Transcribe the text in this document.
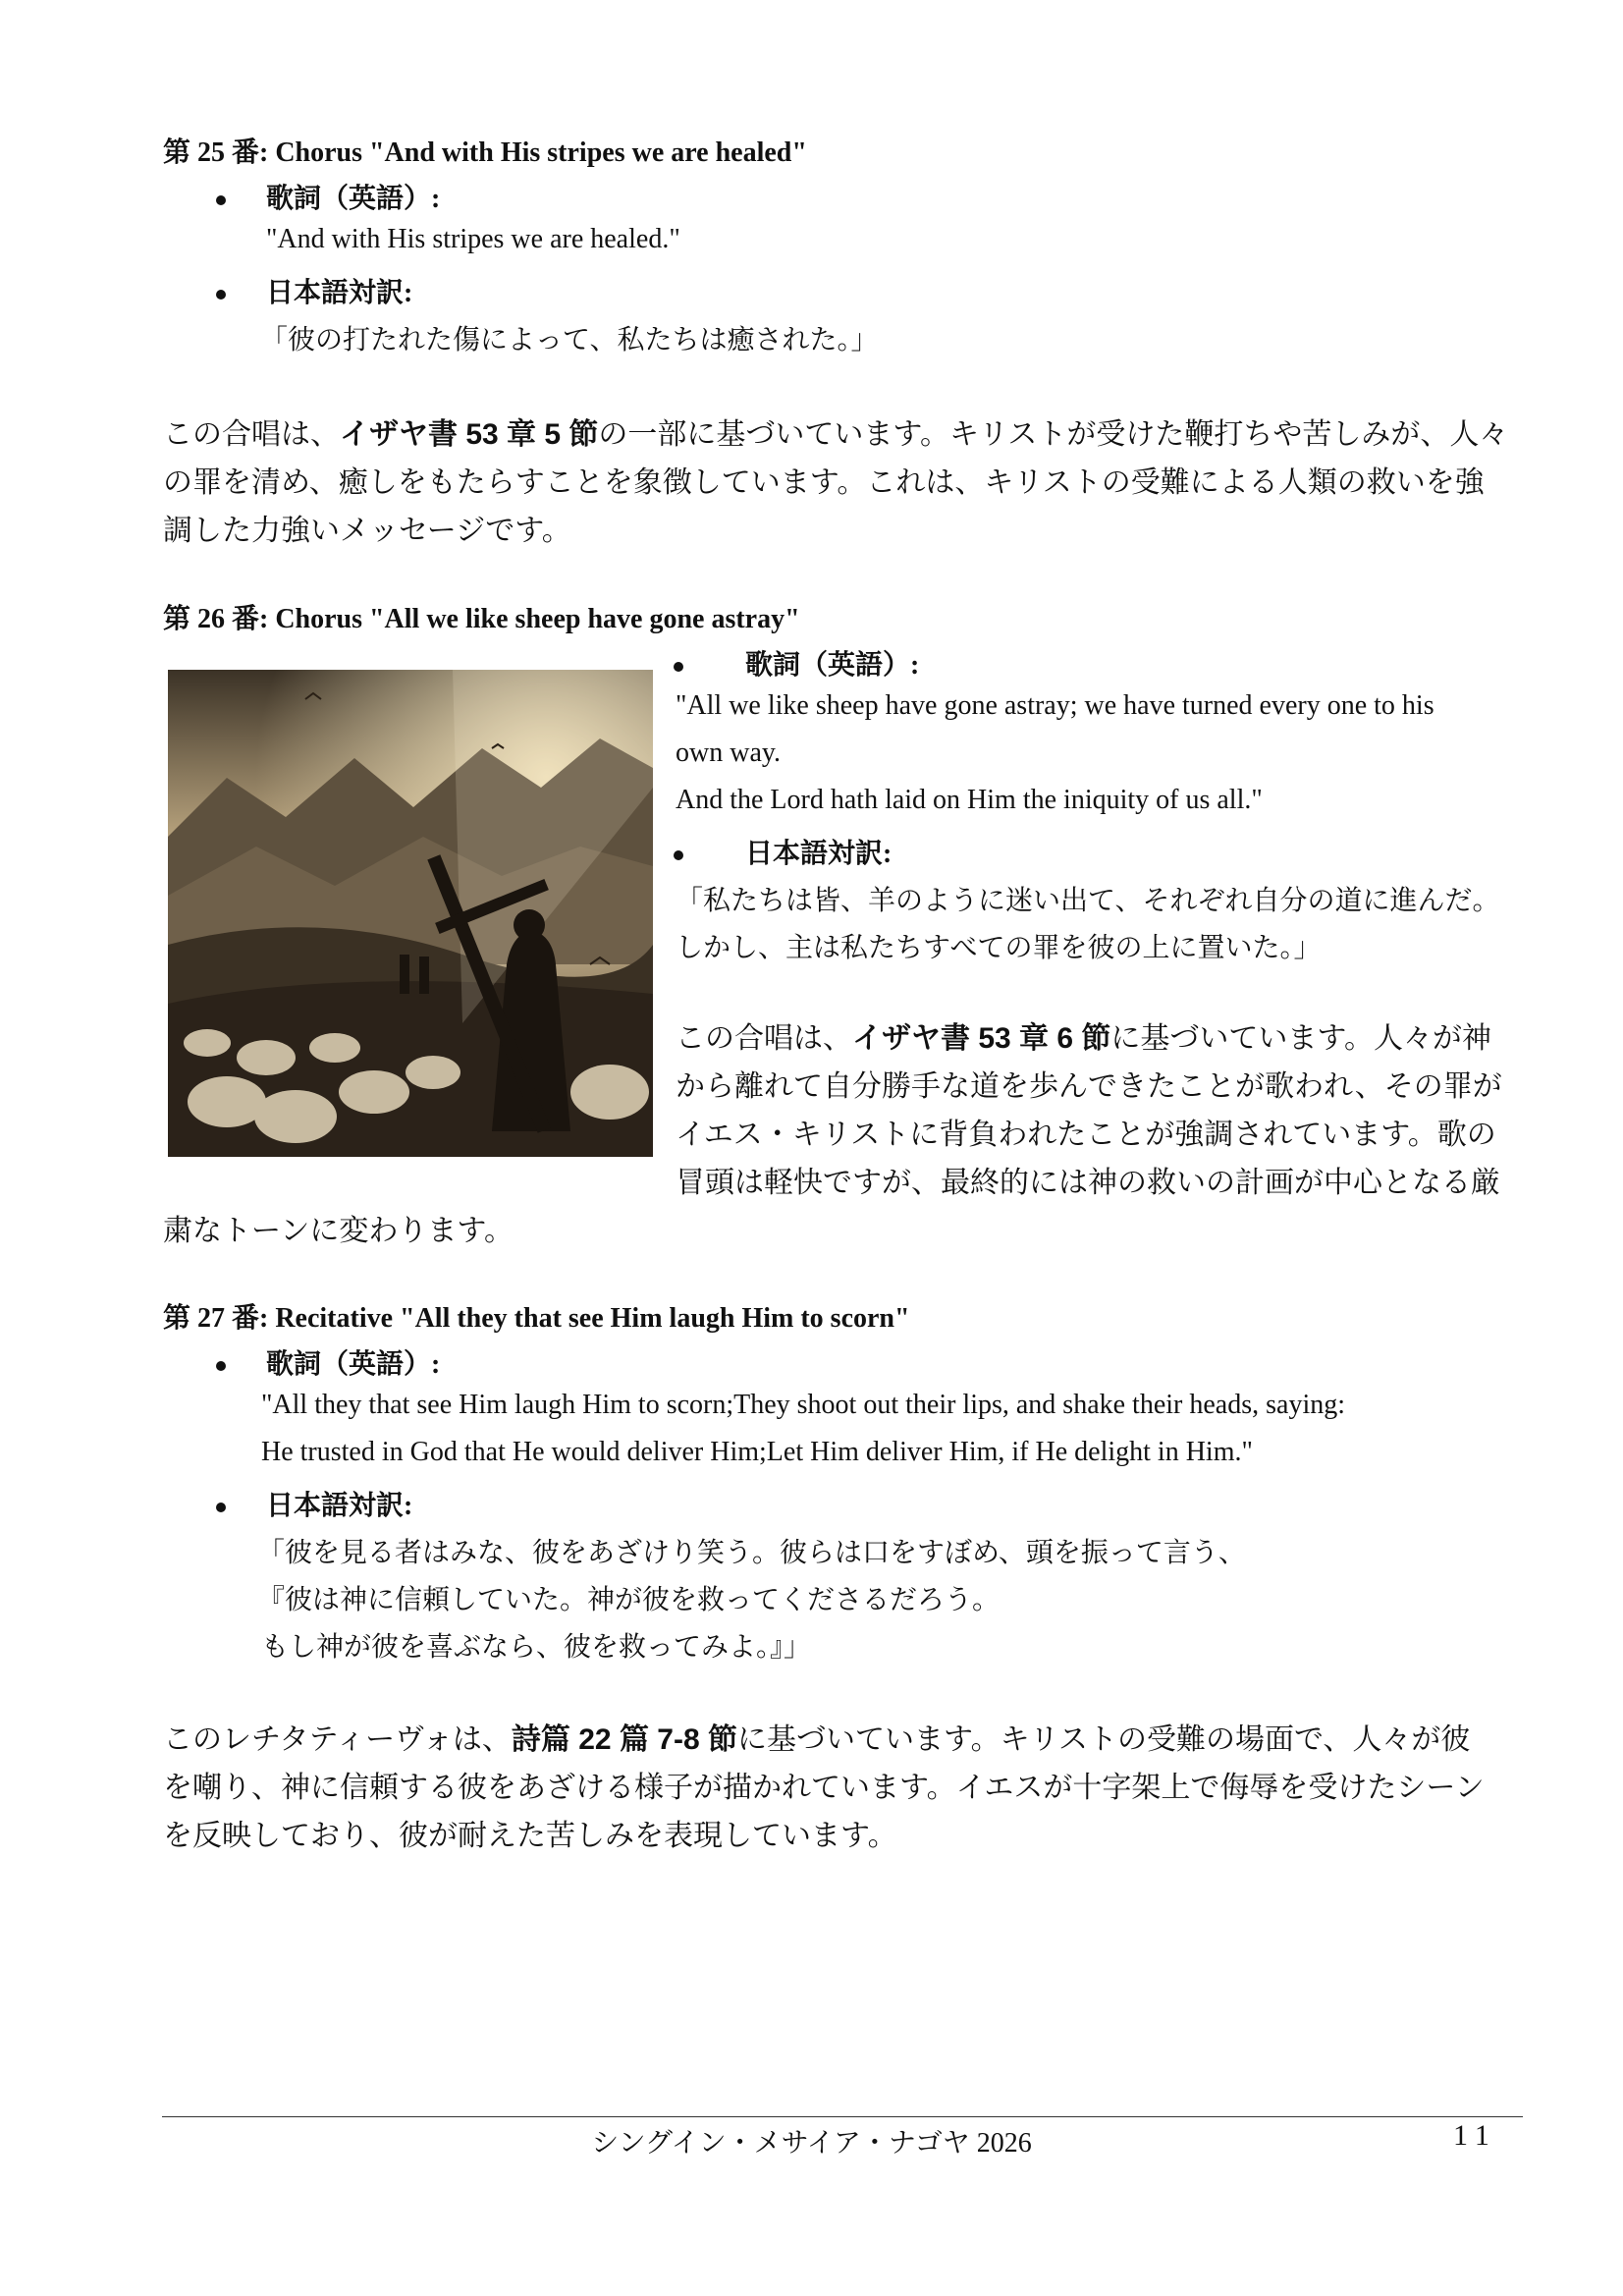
第 25 番: Chorus "And with His stripes we are healed"
歌詞（英語）:
"And with His stripes we are healed."
日本語対訳:
「彼の打たれた傷によって、私たちは癒された。」
この合唱は、イザヤ書 53 章 5 節の一部に基づいています。キリストが受けた鞭打ちや苦しみが、人々
の罪を清め、癒しをもたらすことを象徴しています。これは、キリストの受難による人類の救いを強
調した力強いメッセージです。
第 26 番: Chorus "All we like sheep have gone astray"
歌詞（英語）:
"All we like sheep have gone astray; we have turned every one to his
own way.
And the Lord hath laid on Him the iniquity of us all."
日本語対訳:
「私たちは皆、羊のように迷い出て、それぞれ自分の道に進んだ。
しかし、主は私たちすべての罪を彼の上に置いた。」
この合唱は、イザヤ書 53 章 6 節に基づいています。人々が神
から離れて自分勝手な道を歩んできたことが歌われ、その罪が
イエス・キリストに背負われたことが強調されています。歌の
冒頭は軽快ですが、最終的には神の救いの計画が中心となる厳
粛なトーンに変わります。
第 27 番: Recitative "All they that see Him laugh Him to scorn"
歌詞（英語）:
"All they that see Him laugh Him to scorn;They shoot out their lips, and shake their heads, saying:
He trusted in God that He would deliver Him;Let Him deliver Him, if He delight in Him."
日本語対訳:
「彼を見る者はみな、彼をあざけり笑う。彼らは口をすぼめ、頭を振って言う、
『彼は神に信頼していた。神が彼を救ってくださるだろう。
もし神が彼を喜ぶなら、彼を救ってみよ。』」
このレチタティーヴォは、詩篇 22 篇 7-8 節に基づいています。キリストの受難の場面で、人々が彼
を嘲り、神に信頼する彼をあざける様子が描かれています。イエスが十字架上で侮辱を受けたシーン
を反映しており、彼が耐えた苦しみを表現しています。
シングイン・メサイア・ナゴヤ 2026	11
